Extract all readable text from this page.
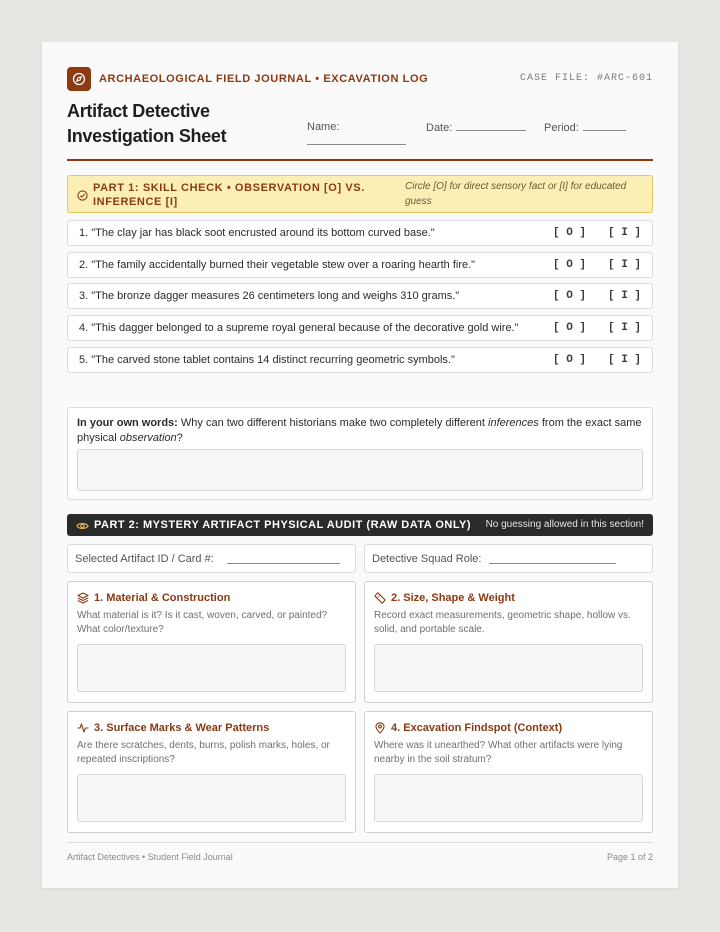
ARCHAEOLOGICAL FIELD JOURNAL • EXCAVATION LOG	CASE FILE: #ARC-601
Artifact Detective Investigation Sheet	Name:	Date:	Period:
PART 1: SKILL CHECK • OBSERVATION [O] VS. INFERENCE [I]
Circle [O] for direct sensory fact or [I] for educated guess
1. "The clay jar has black soot encrusted around its bottom curved base."	[ O ] [ I ]
2. "The family accidentally burned their vegetable stew over a roaring hearth fire."	[ O ] [ I ]
3. "The bronze dagger measures 26 centimeters long and weighs 310 grams."	[ O ] [ I ]
4. "This dagger belonged to a supreme royal general because of the decorative gold wire."	[ O ] [ I ]
5. "The carved stone tablet contains 14 distinct recurring geometric symbols."	[ O ] [ I ]
In your own words: Why can two different historians make two completely different inferences from the exact same physical observation?
PART 2: MYSTERY ARTIFACT PHYSICAL AUDIT (RAW DATA ONLY) No guessing allowed in this section!
Selected Artifact ID / Card #:	Detective Squad Role:
1. Material & Construction
What material is it? Is it cast, woven, carved, or painted? What color/texture?
2. Size, Shape & Weight
Record exact measurements, geometric shape, hollow vs. solid, and portable scale.
3. Surface Marks & Wear Patterns
Are there scratches, dents, burns, polish marks, holes, or repeated inscriptions?
4. Excavation Findspot (Context)
Where was it unearthed? What other artifacts were lying nearby in the soil stratum?
Artifact Detectives • Student Field Journal	Page 1 of 2
